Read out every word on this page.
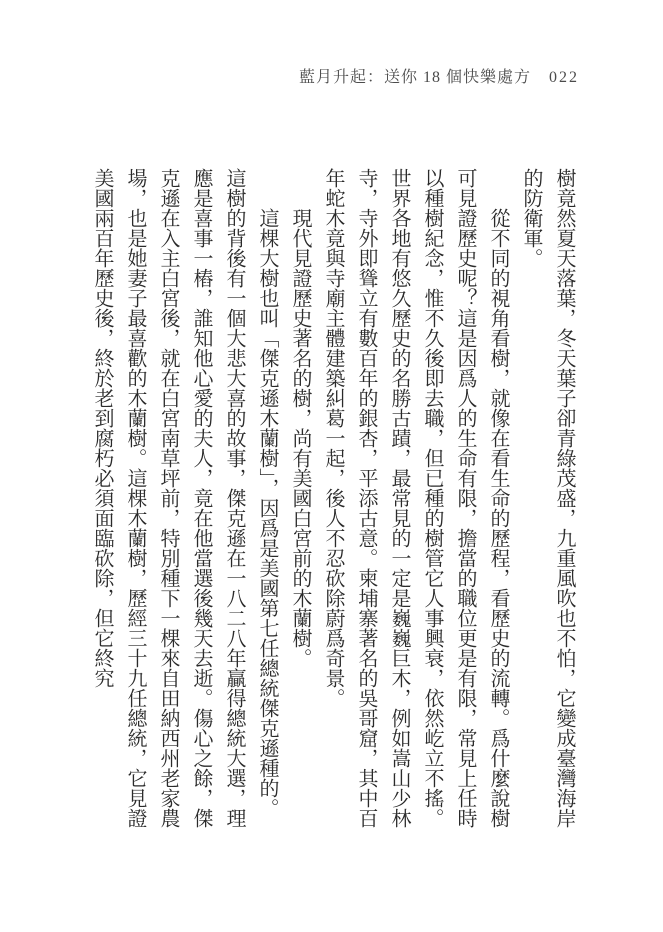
藍月升起：送你 18 個快樂處方 022

樹竟然夏天落葉，冬天葉子卻青綠茂盛，九重風吹也不怕，它變成臺灣海岸的防衛軍。

從不同的視角看樹，就像在看生命的歷程，看歷史的流轉。爲什麼說樹可見證歷史呢？這是因爲人的生命有限，擔當的職位更是有限，常見上任時以種樹紀念，惟不久後即去職，但已種的樹管它人事興衰，依然屹立不搖。世界各地有悠久歷史的名勝古蹟，最常見的一定是巍巍巨木，例如嵩山少林寺，寺外即聳立有數百年的銀杏，平添古意。柬埔寨著名的吳哥窟，其中百年蛇木竟與寺廟主體建築糾葛一起，後人不忍砍除蔚爲奇景。

現代見證歷史著名的樹，尚有美國白宮前的木蘭樹。

這棵大樹也叫「傑克遜木蘭樹」，因爲是美國第七任總統傑克遜種的。這樹的背後有一個大悲大喜的故事，傑克遜在一八二八年贏得總統大選，理應是喜事一樁，誰知他心愛的夫人，竟在他當選後幾天去逝。傷心之餘，傑克遜在入主白宮後，就在白宮南草坪前，特別種下一棵來自田納西州老家農場，也是她妻子最喜歡的木蘭樹。這棵木蘭樹，歷經三十九任總統，它見證美國兩百年歷史後，終於老到腐朽必須面臨砍除，但它終究
